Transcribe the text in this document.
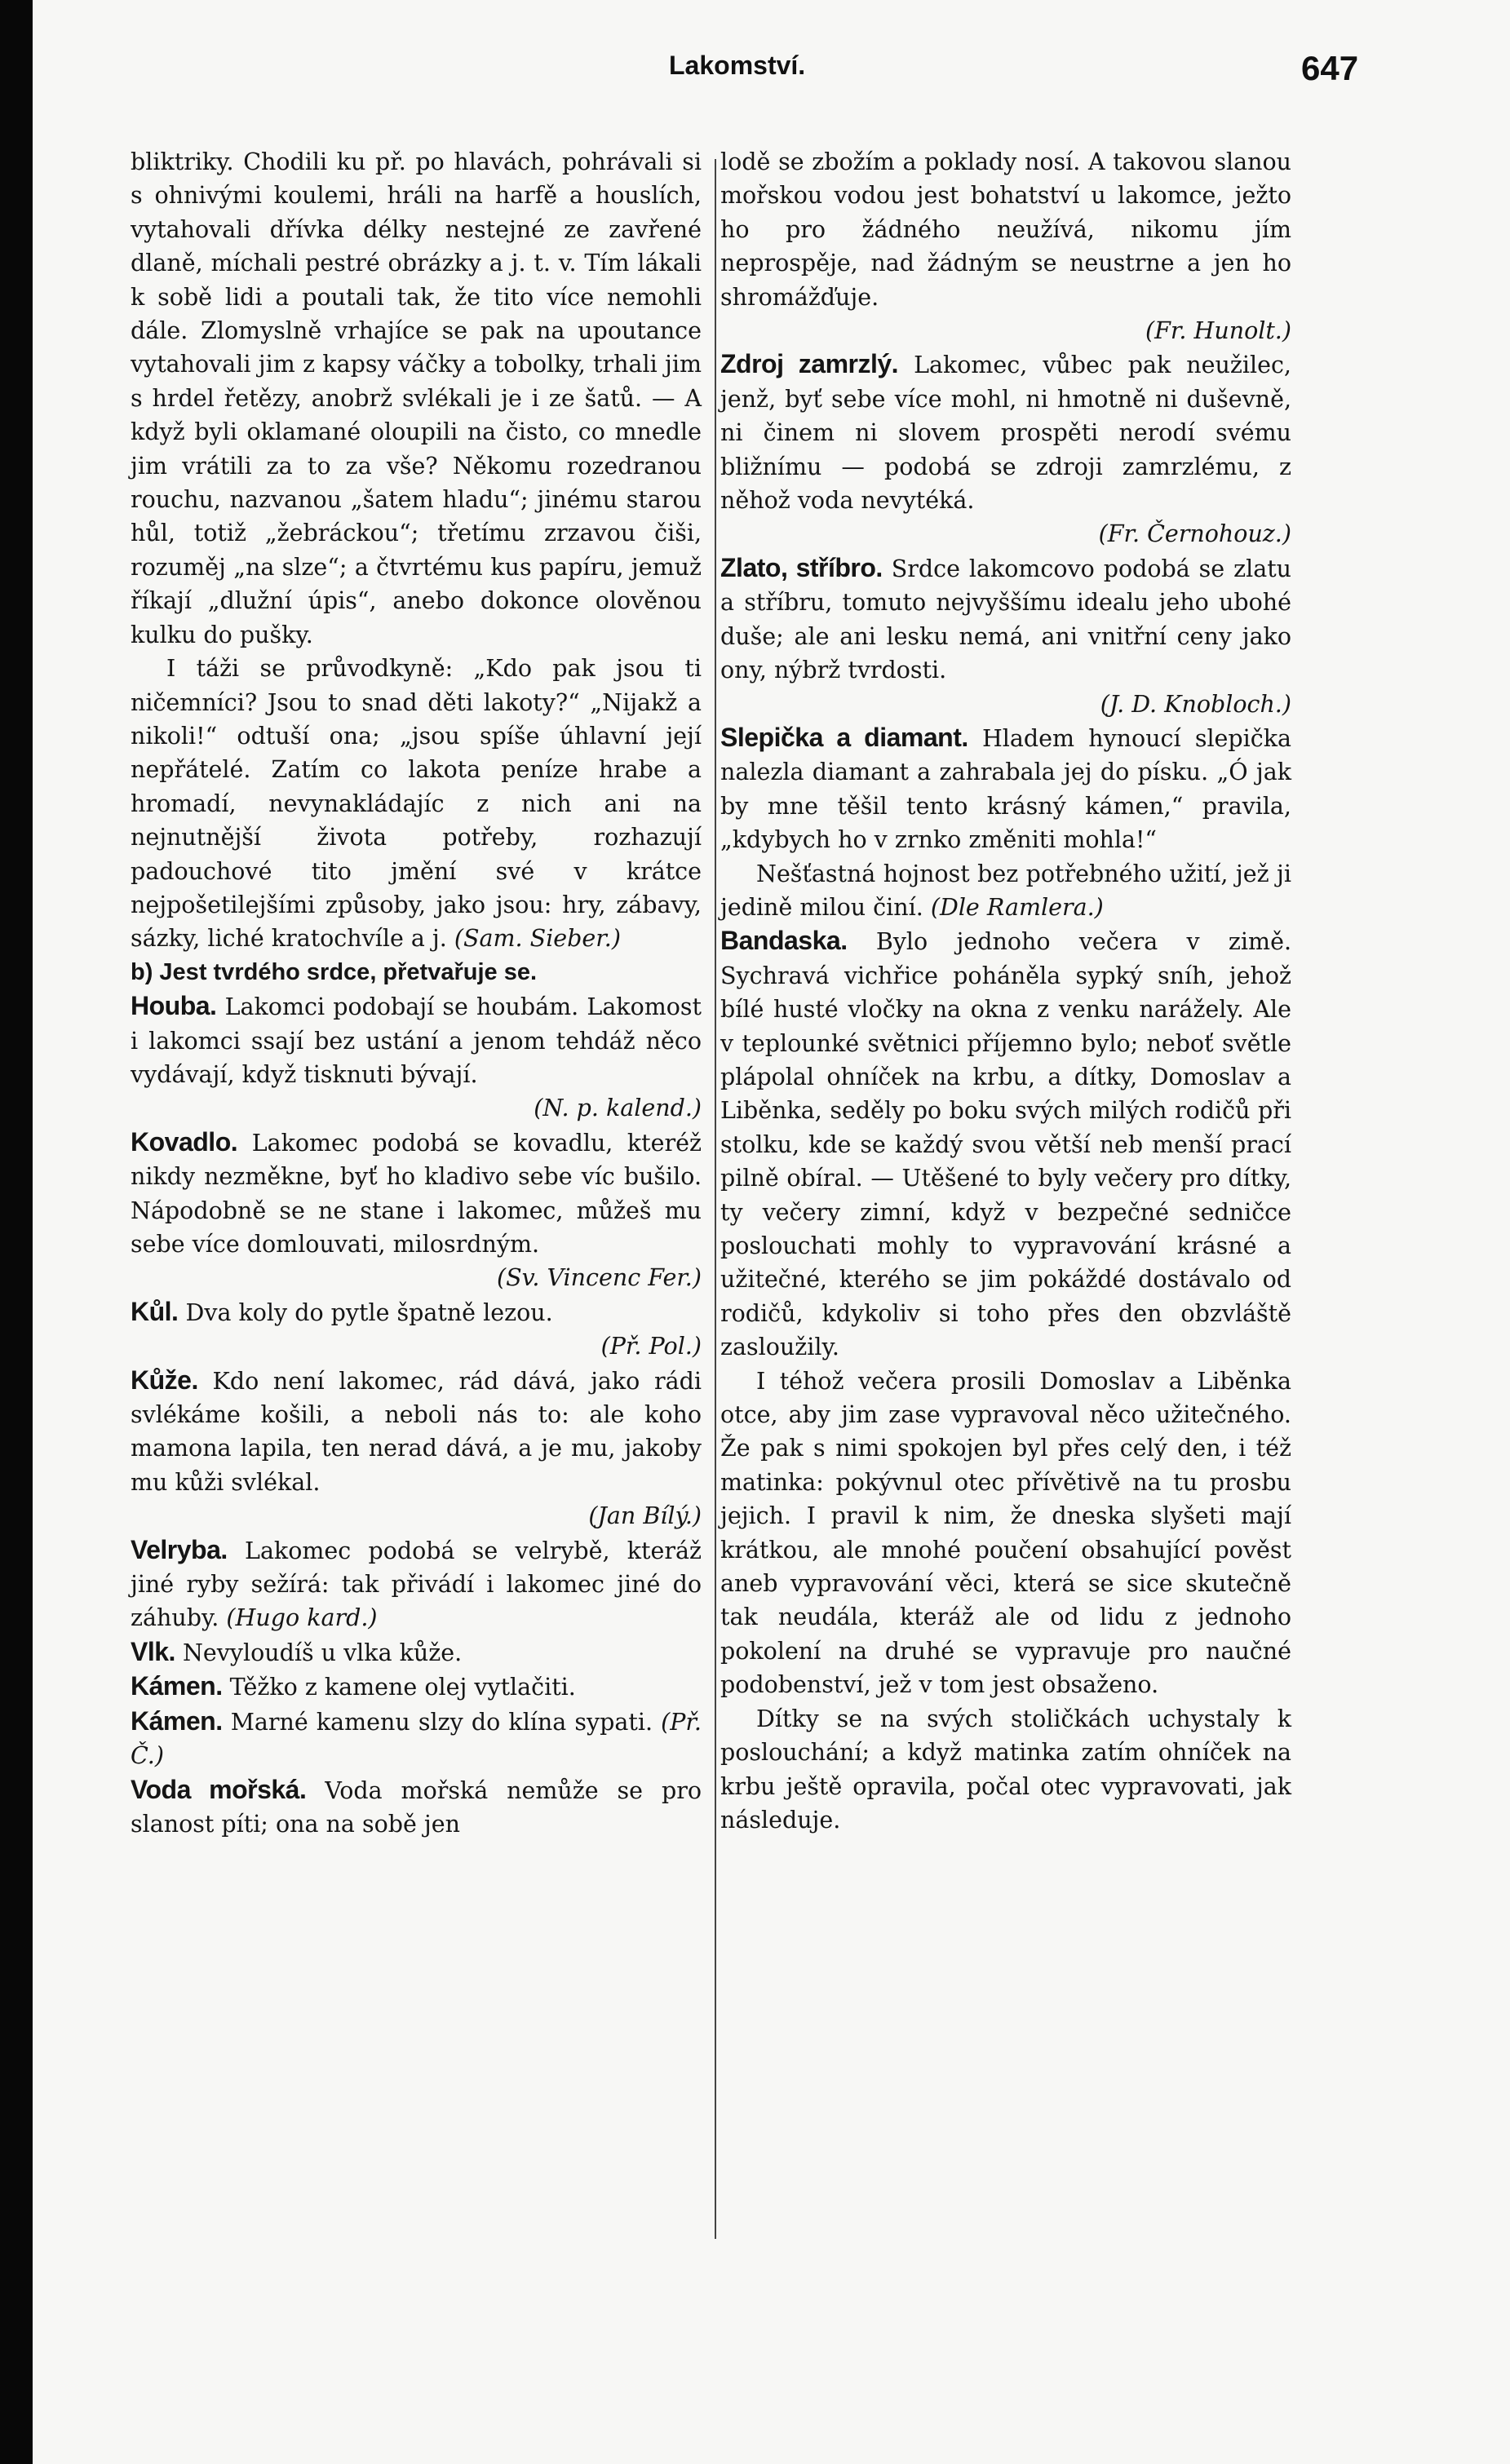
Lakomství.	647

bliktriky. Chodili ku př. po hlavách, pohrávali si s ohnivými koulemi, hráli na harfě a houslích, vytahovali dřívka délky nestejné ze zavřené dlaně, míchali pestré obrázky a j. t. v. Tím lákali k sobě lidi a poutali tak, že tito více nemohli dále. Zlomyslně vrhajíce se pak na upoutance vytahovali jim z kapsy váčky a tobolky, trhali jim s hrdel řetězy, anobrž svlékali je i ze šatů. — A když byli oklamané oloupili na čisto, co mnedle jim vrátili za to za vše? Někomu rozedranou rouchu, nazvanou „šatem hladu“; jinému starou hůl, totiž „žebráckou“; třetímu zrzavou čiši, rozuměj „na slze“; a čtvrtému kus papíru, jemuž říkají „dlužní úpis“, anebo dokonce olověnou kulku do pušky.

I táži se průvodkyně: „Kdo pak jsou ti ničemníci? Jsou to snad děti lakoty?“ „Nijakž a nikoli!“ odtuší ona; „jsou spíše úhlavní její nepřátelé. Zatím co lakota peníze hrabe a hromadí, nevynakládajíc z nich ani na nejnutnější života potřeby, rozhazují padouchové tito jmění své v krátce nejpošetilejšími způsoby, jako jsou: hry, zábavy, sázky, liché kratochvíle a j. (Sam. Sieber.)

b) Jest tvrdého srdce, přetvařuje se.

Houba. Lakomci podobají se houbám. Lakomost i lakomci ssají bez ustání a jenom tehdáž něco vydávají, když tisknuti bývají.
(N. p. kalend.)

Kovadlo. Lakomec podobá se kovadlu, kteréž nikdy nezměkne, byť ho kladivo sebe víc bušilo. Nápodobně se ne stane i lakomec, můžeš mu sebe více domlouvati, milosrdným.
(Sv. Vincenc Fer.)

Kůl. Dva koly do pytle špatně lezou.
(Př. Pol.)

Kůže. Kdo není lakomec, rád dává, jako rádi svlékáme košili, a neboli nás to: ale koho mamona lapila, ten nerad dává, a je mu, jakoby mu kůži svlékal.
(Jan Bílý.)

Velryba. Lakomec podobá se velrybě, kteráž jiné ryby sežírá: tak přivádí i lakomec jiné do záhuby. (Hugo kard.)

Vlk. Nevyloudíš u vlka kůže.

Kámen. Těžko z kamene olej vytlačiti.

Kámen. Marné kamenu slzy do klína sypati. (Př. Č.)

Voda mořská. Voda mořská nemůže se pro slanost píti; ona na sobě jen

lodě se zbožím a poklady nosí. A takovou slanou mořskou vodou jest bohatství u lakomce, ježto ho pro žádného neužívá, nikomu jím neprospěje, nad žádným se neustrne a jen ho shromážďuje.
(Fr. Hunolt.)

Zdroj zamrzlý. Lakomec, vůbec pak neužilec, jenž, byť sebe více mohl, ni hmotně ni duševně, ni činem ni slovem prospěti nerodí svému bližnímu — podobá se zdroji zamrzlému, z něhož voda nevytéká.
(Fr. Černohouz.)

Zlato, stříbro. Srdce lakomcovo podobá se zlatu a stříbru, tomuto nejvyššímu idealu jeho ubohé duše; ale ani lesku nemá, ani vnitřní ceny jako ony, nýbrž tvrdosti.
(J. D. Knobloch.)

Slepička a diamant. Hladem hynoucí slepička nalezla diamant a zahrabala jej do písku. „Ó jak by mne těšil tento krásný kámen,“ pravila, „kdybych ho v zrnko změniti mohla!“

Nešťastná hojnost bez potřebného užití, jež ji jedině milou činí. (Dle Ramlera.)

Bandaska. Bylo jednoho večera v zimě. Sychravá vichřice poháněla sypký sníh, jehož bílé husté vločky na okna z venku narážely. Ale v teplounké světnici příjemno bylo; neboť světle plápolal ohníček na krbu, a dítky, Domoslav a Liběnka, seděly po boku svých milých rodičů při stolku, kde se každý svou větší neb menší prací pilně obíral. — Utěšené to byly večery pro dítky, ty večery zimní, když v bezpečné sedničce poslouchati mohly to vypravování krásné a užitečné, kterého se jim pokáždé dostávalo od rodičů, kdykoliv si toho přes den obzvláště zasloužily.

I téhož večera prosili Domoslav a Liběnka otce, aby jim zase vypravoval něco užitečného. Že pak s nimi spokojen byl přes celý den, i též matinka: pokývnul otec přívětivě na tu prosbu jejich. I pravil k nim, že dneska slyšeti mají krátkou, ale mnohé poučení obsahující pověst aneb vypravování věci, která se sice skutečně tak neudála, kteráž ale od lidu z jednoho pokolení na druhé se vypravuje pro naučné podobenství, jež v tom jest obsaženo.

Dítky se na svých stoličkách uchystaly k poslouchání; a když matinka zatím ohníček na krbu ještě opravila, počal otec vypravovati, jak následuje.
